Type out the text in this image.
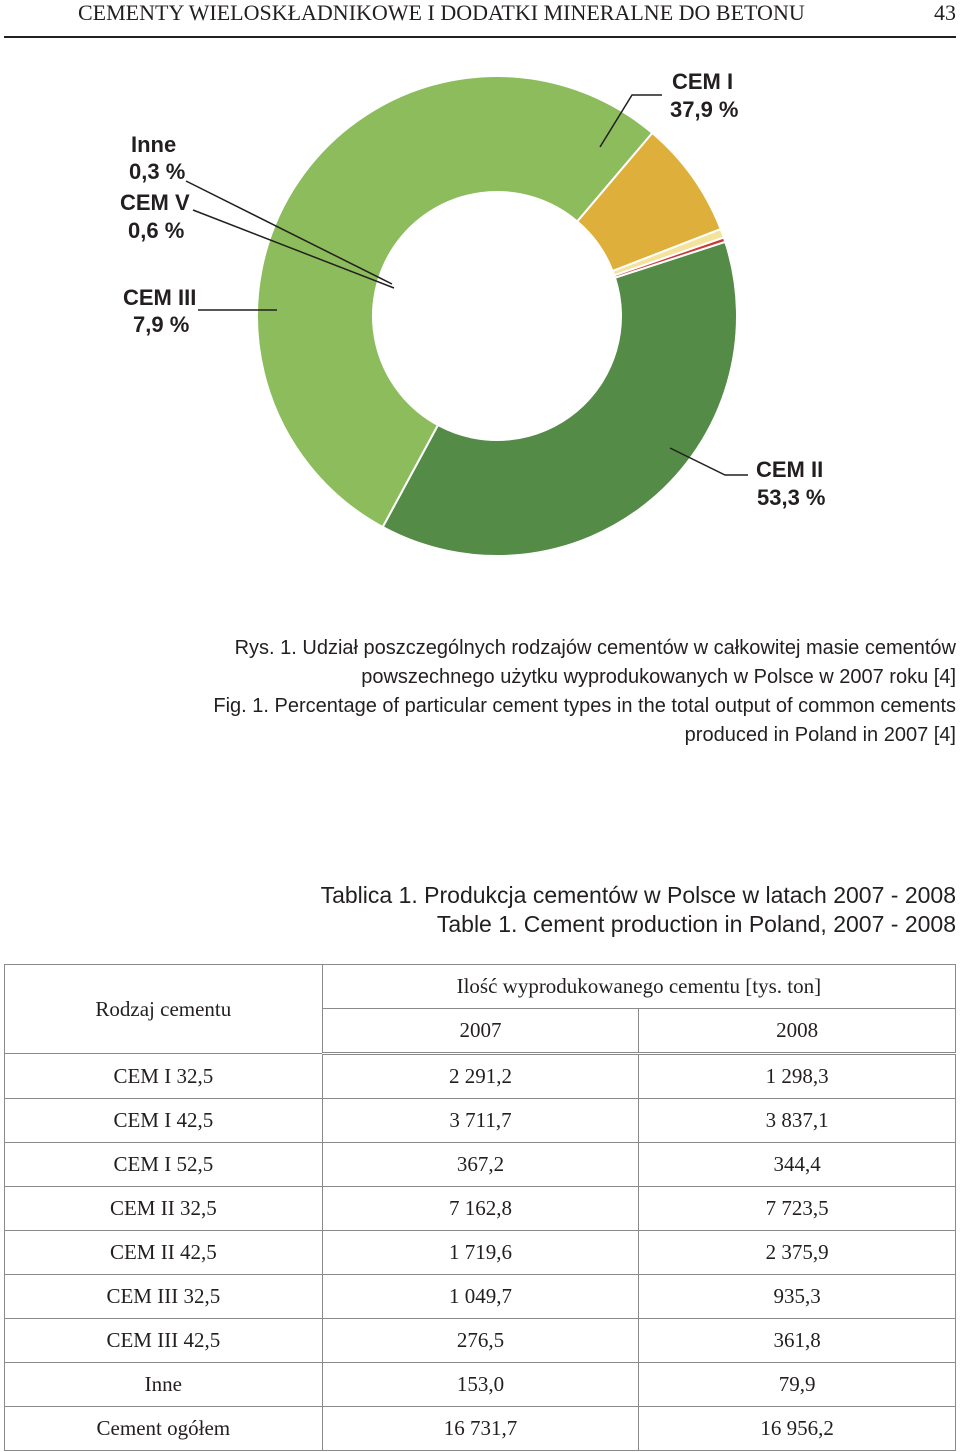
CEMENTY WIELOSKŁADNIKOWE I DODATKI MINERALNE DO BETONU	43
CEM I
37,9 %
CEM II
53,3 %
CEM III
7,9 %
CEM V
0,6 %
Inne
0,3 %
Rys. 1. Udział poszczególnych rodzajów cementów w całkowitej masie cementów
powszechnego użytku wyprodukowanych w Polsce w 2007 roku [4]
Fig. 1. Percentage of particular cement types in the total output of common cements
produced in Poland in 2007 [4]
Tablica 1. Produkcja cementów w Polsce w latach 2007 - 2008
Table 1. Cement production in Poland, 2007 - 2008
Rodzaj cementu	Ilość wyprodukowanego cementu [tys. ton]	
	2007	2008
CEM I 32,5	2 291,2	1 298,3
CEM I 42,5	3 711,7	3 837,1
CEM I 52,5	367,2	344,4
CEM II 32,5	7 162,8	7 723,5
CEM II 42,5	1 719,6	2 375,9
CEM III 32,5	1 049,7	935,3
CEM III 42,5	276,5	361,8
Inne	153,0	79,9
Cement ogółem	16 731,7	16 956,2
